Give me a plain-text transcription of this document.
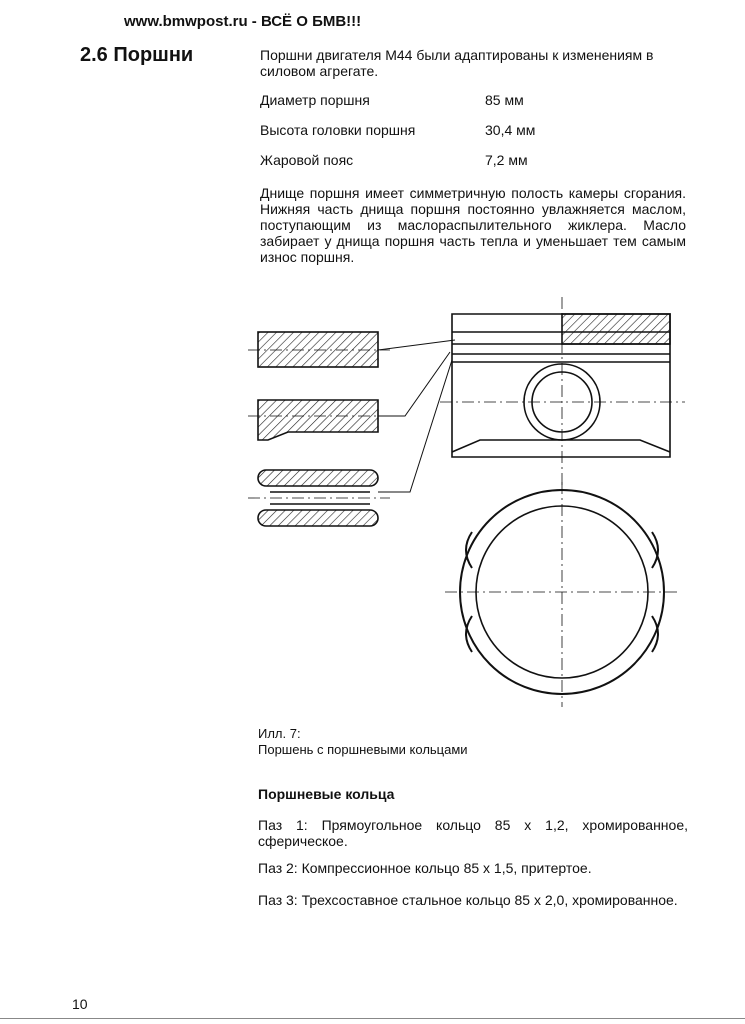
www.bmwpost.ru - ВСЁ О БМВ!!!
2.6 Поршни	Поршни двигателя M44 были адаптированы к изменениям в силовом агрегате.
Диаметр поршня	85 мм
Высота головки поршня	30,4 мм
Жаровой пояс	7,2 мм
Днище поршня имеет симметричную полость камеры сгорания. Нижняя часть днища поршня постоянно увлажняется маслом, поступающим из маслораспылительного жиклера. Масло забирает у днища поршня часть тепла и уменьшает тем самым износ поршня.
Илл. 7:
Поршень с поршневыми кольцами
Поршневые кольца
Паз 1: Прямоугольное кольцо 85 x 1,2, хромированное, сферическое.
Паз 2: Компрессионное кольцо 85 x 1,5, притертое.
Паз 3: Трехсоставное стальное кольцо 85 x 2,0, хромированное.
10
